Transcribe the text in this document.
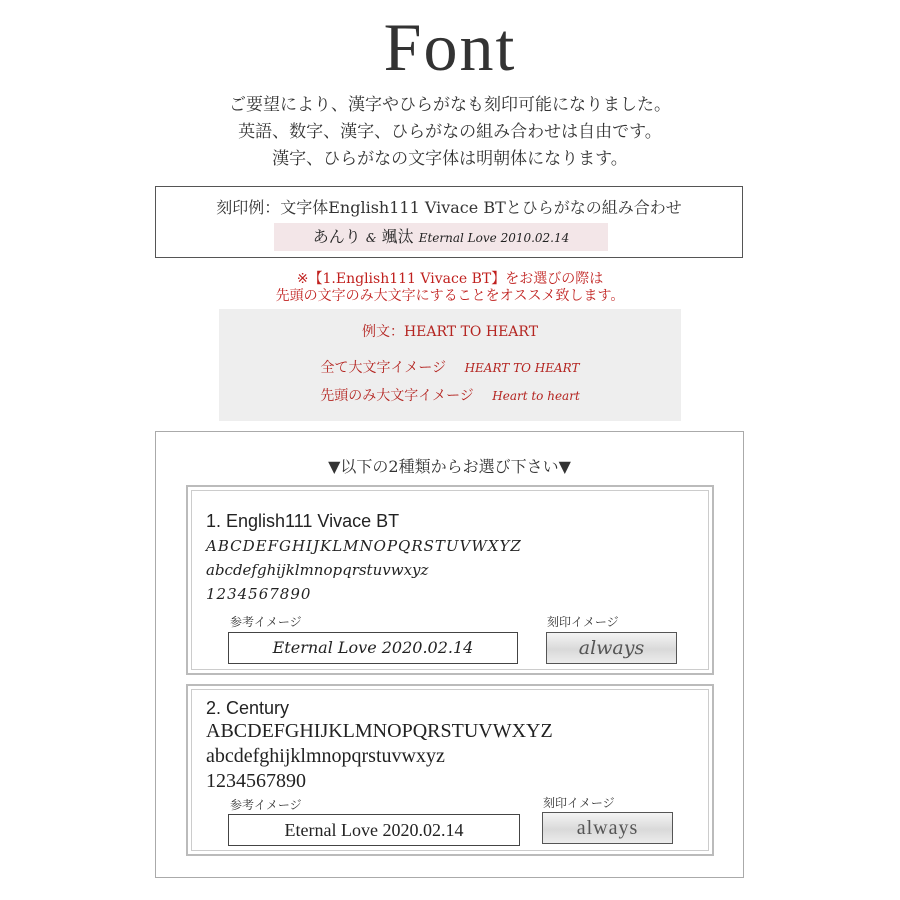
Font
ご要望により、漢字やひらがなも刻印可能になりました。
英語、数字、漢字、ひらがなの組み合わせは自由です。
漢字、ひらがなの文字体は明朝体になります。
刻印例：文字体English111 Vivace BTとひらがなの組み合わせ
あんり & 颯汰 Eternal Love 2010.02.14
※【1.English111 Vivace BT】をお選びの際は
先頭の文字のみ大文字にすることをオススメ致します。
例文：HEART TO HEART
全て大文字イメージ HEART TO HEART
先頭のみ大文字イメージ Heart to heart
▼以下の2種類からお選び下さい▼
1. English111 Vivace BT
ABCDEFGHIJKLMNOPQRSTUVWXYZ
abcdefghijklmnopqrstuvwxyz
1234567890
参考イメージ
Eternal Love 2020.02.14
刻印イメージ
always
2. Century
ABCDEFGHIJKLMNOPQRSTUVWXYZ
abcdefghijklmnopqrstuvwxyz
1234567890
参考イメージ
Eternal Love 2020.02.14
刻印イメージ
always
